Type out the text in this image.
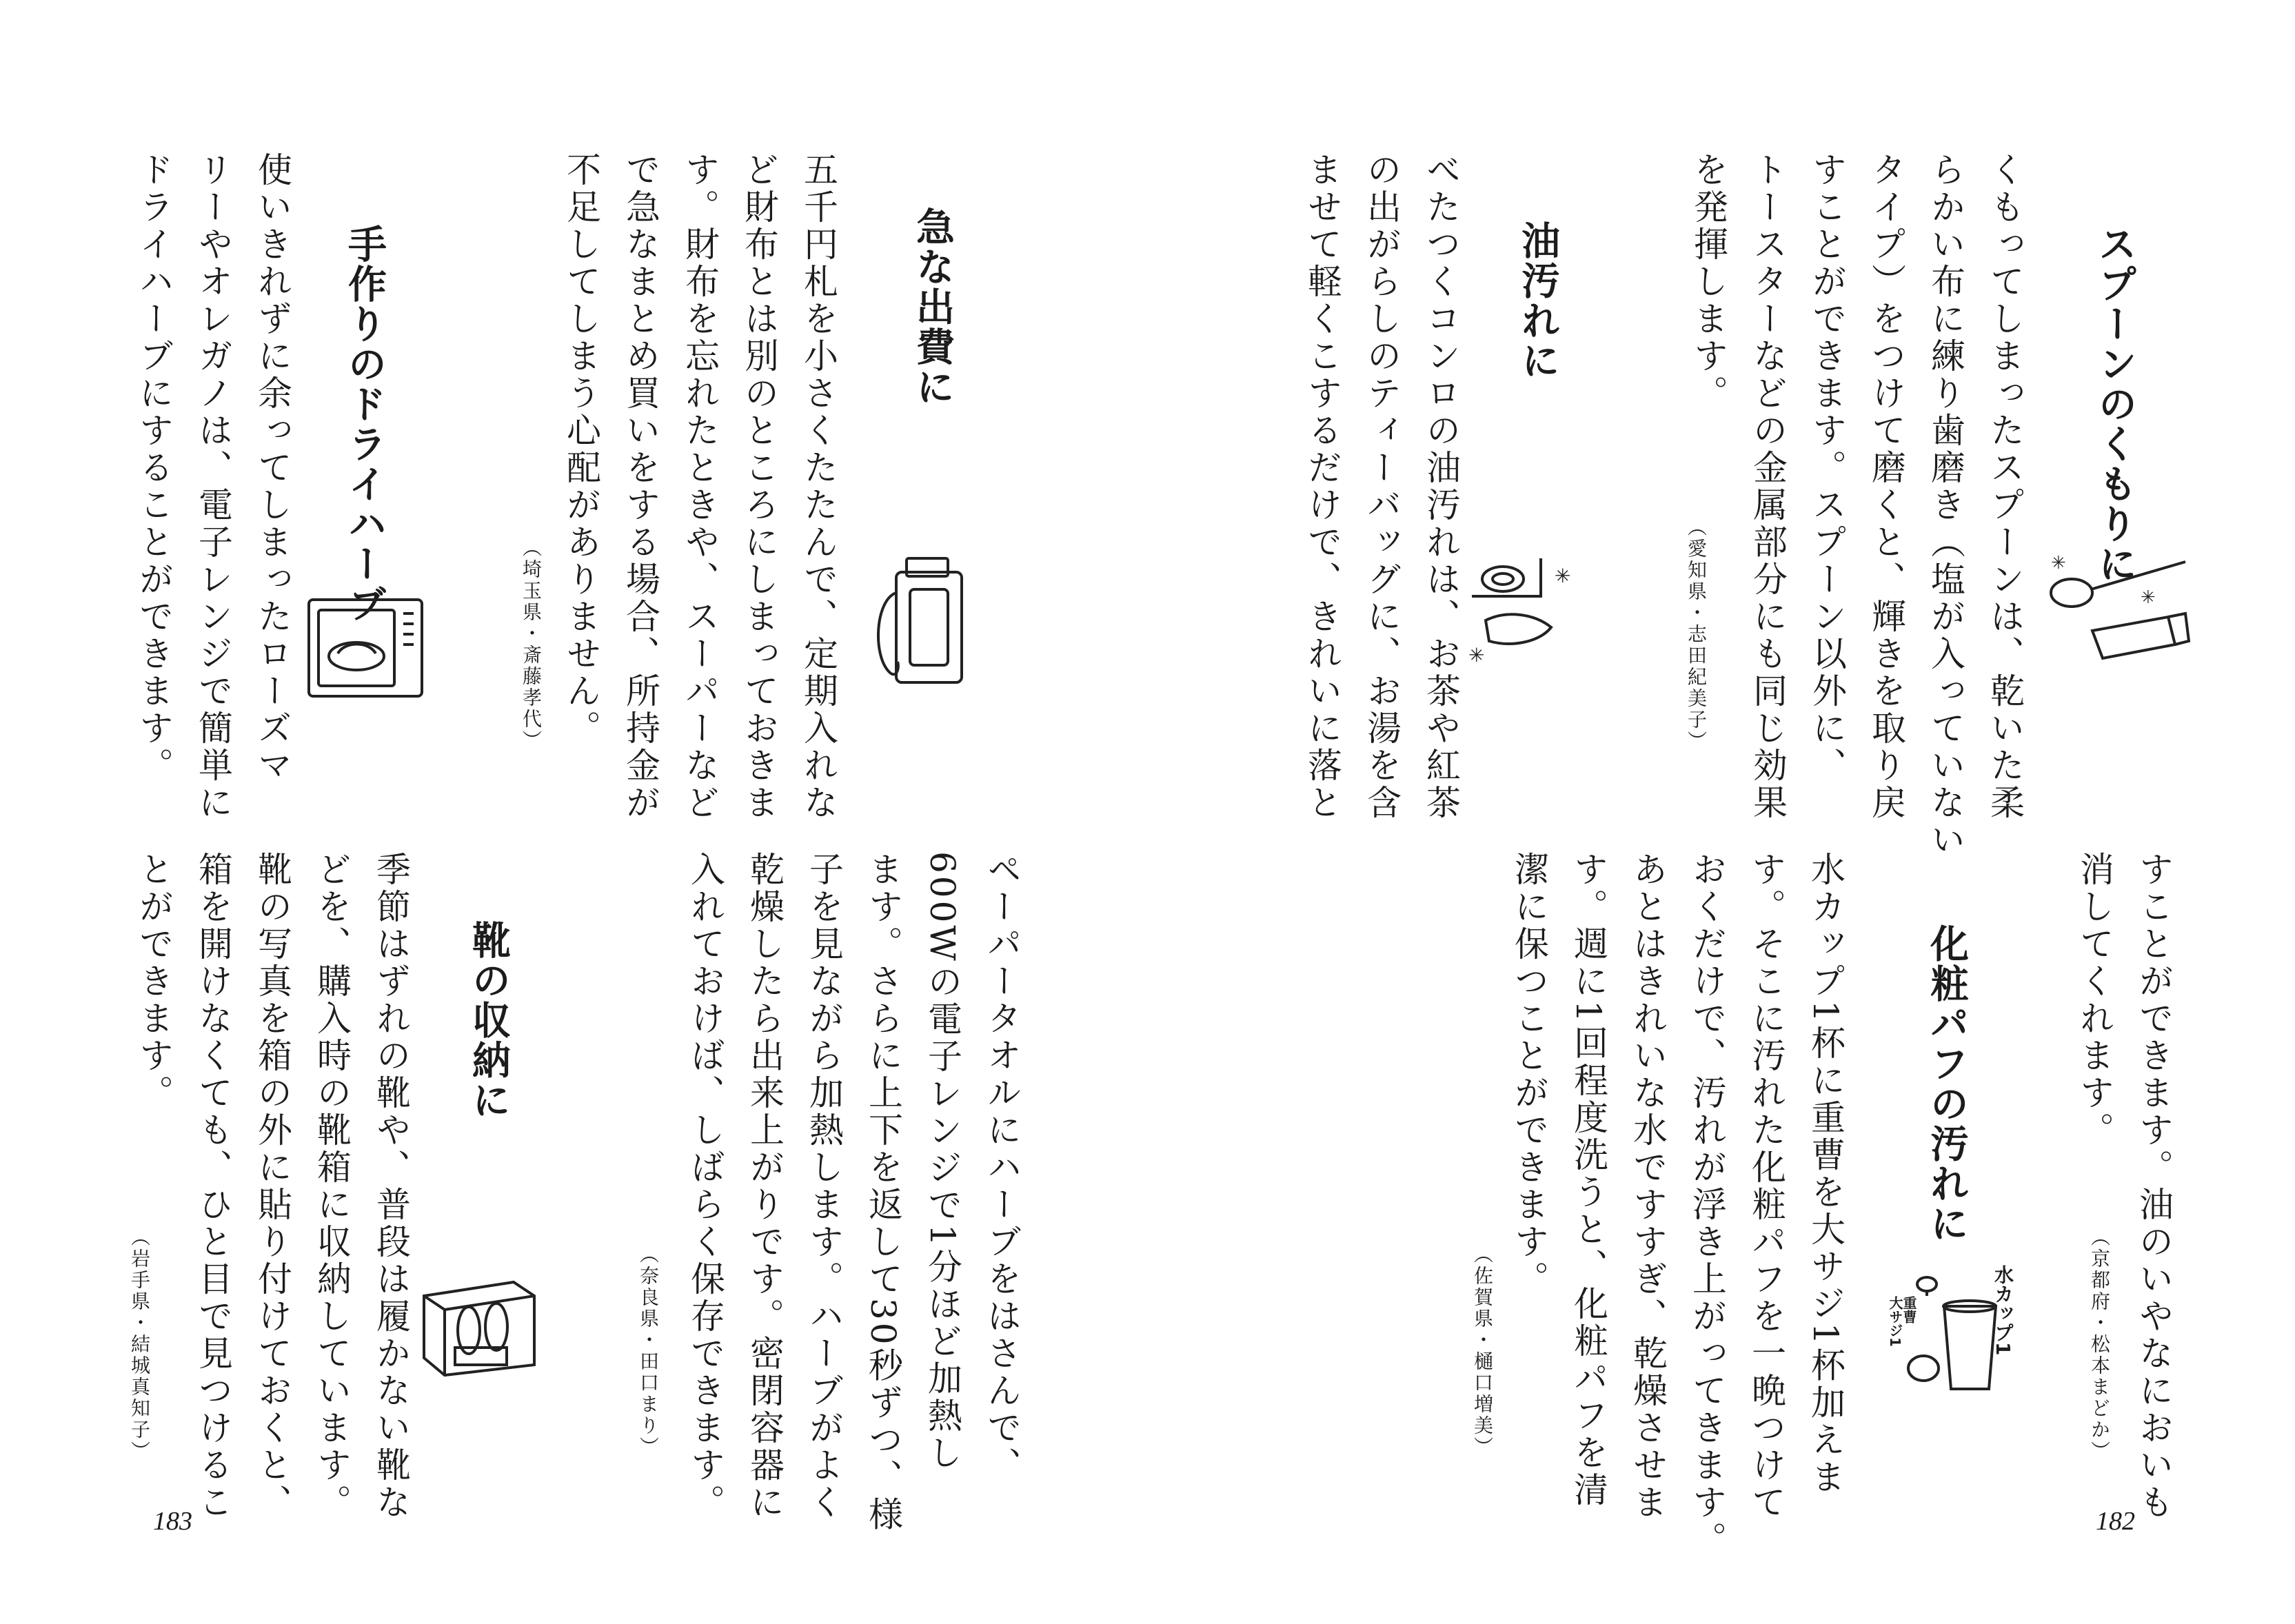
急な出費に
五千円札を小さくたたんで、定期入れな
ど財布とは別のところにしまっておきま
す。財布を忘れたときや、スーパーなど
で急なまとめ買いをする場合、所持金が
不足してしまう心配がありません。
（埼玉県・斎藤孝代）
手作りのドライハーブ
使いきれずに余ってしまったローズマ
リーやオレガノは、電子レンジで簡単に
ドライハーブにすることができます。
ペーパータオルにハーブをはさんで、
600Wの電子レンジで1分ほど加熱し
ます。さらに上下を返して30秒ずつ、様
子を見ながら加熱します。ハーブがよく
乾燥したら出来上がりです。密閉容器に
入れておけば、しばらく保存できます。
（奈良県・田口まり）
靴の収納に
季節はずれの靴や、普段は履かない靴な
どを、購入時の靴箱に収納しています。
靴の写真を箱の外に貼り付けておくと、
箱を開けなくても、ひと目で見つけるこ
とができます。
（岩手県・結城真知子）
183
スプーンのくもりに
くもってしまったスプーンは、乾いた柔
らかい布に練り歯磨き（塩が入っていない
タイプ）をつけて磨くと、輝きを取り戻
すことができます。スプーン以外に、
トースターなどの金属部分にも同じ効果
を発揮します。
（愛知県・志田紀美子）	✳
✳
油汚れに
べたつくコンロの油汚れは、お茶や紅茶
の出がらしのティーバッグに、お湯を含
ませて軽くこするだけで、きれいに落と	✳
✳
すことができます。油のいやなにおいも
消してくれます。
（京都府・松本まどか）
化粧パフの汚れに
水カップ1杯に重曹を大サジ1杯加えま
す。そこに汚れた化粧パフを一晩つけて
おくだけで、汚れが浮き上がってきます。
あとはきれいな水ですすぎ、乾燥させま
す。週に1回程度洗うと、化粧パフを清
潔に保つことができます。
（佐賀県・樋口増美）	水カップ1
重曹
大サジ1
182
